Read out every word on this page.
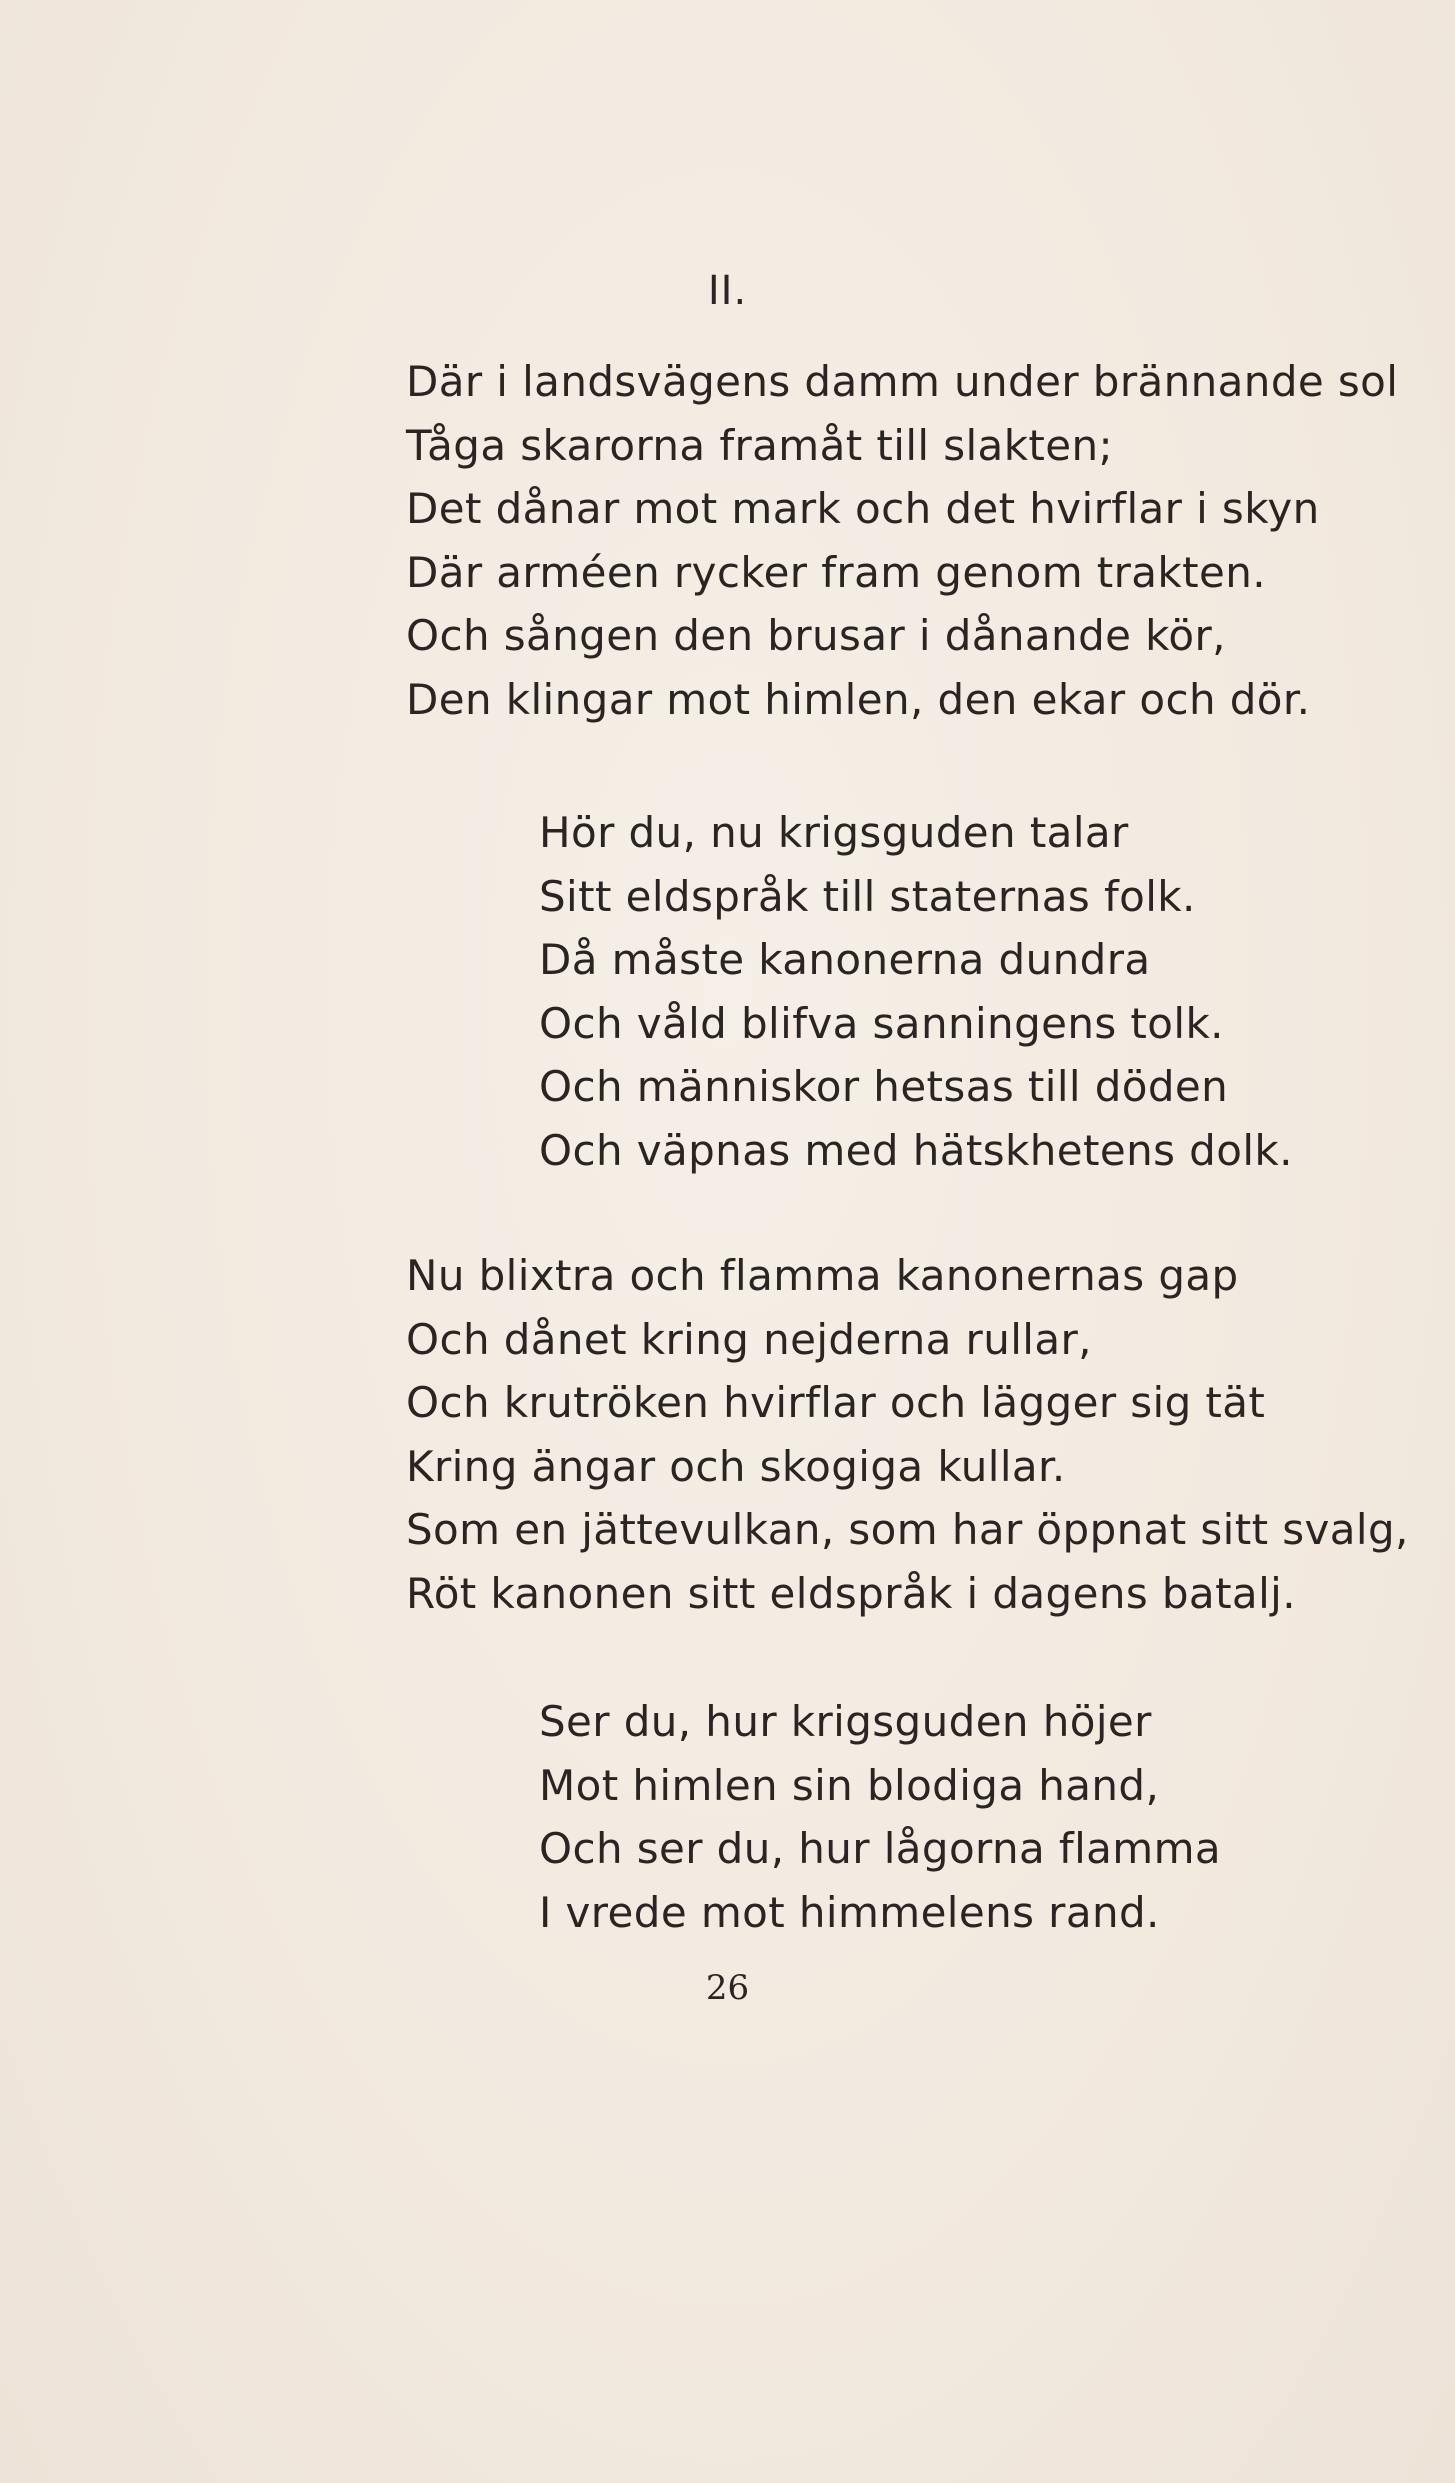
II.
Där i landsvägens damm under brännande sol
Tåga skarorna framåt till slakten;
Det dånar mot mark och det hvirflar i skyn
Där arméen rycker fram genom trakten.
Och sången den brusar i dånande kör,
Den klingar mot himlen, den ekar och dör.
Hör du, nu krigsguden talar
Sitt eldspråk till staternas folk.
Då måste kanonerna dundra
Och våld blifva sanningens tolk.
Och människor hetsas till döden
Och väpnas med hätskhetens dolk.
Nu blixtra och flamma kanonernas gap
Och dånet kring nejderna rullar,
Och krutröken hvirflar och lägger sig tät
Kring ängar och skogiga kullar.
Som en jättevulkan, som har öppnat sitt svalg,
Röt kanonen sitt eldspråk i dagens batalj.
Ser du, hur krigsguden höjer
Mot himlen sin blodiga hand,
Och ser du, hur lågorna flamma
I vrede mot himmelens rand.
26
